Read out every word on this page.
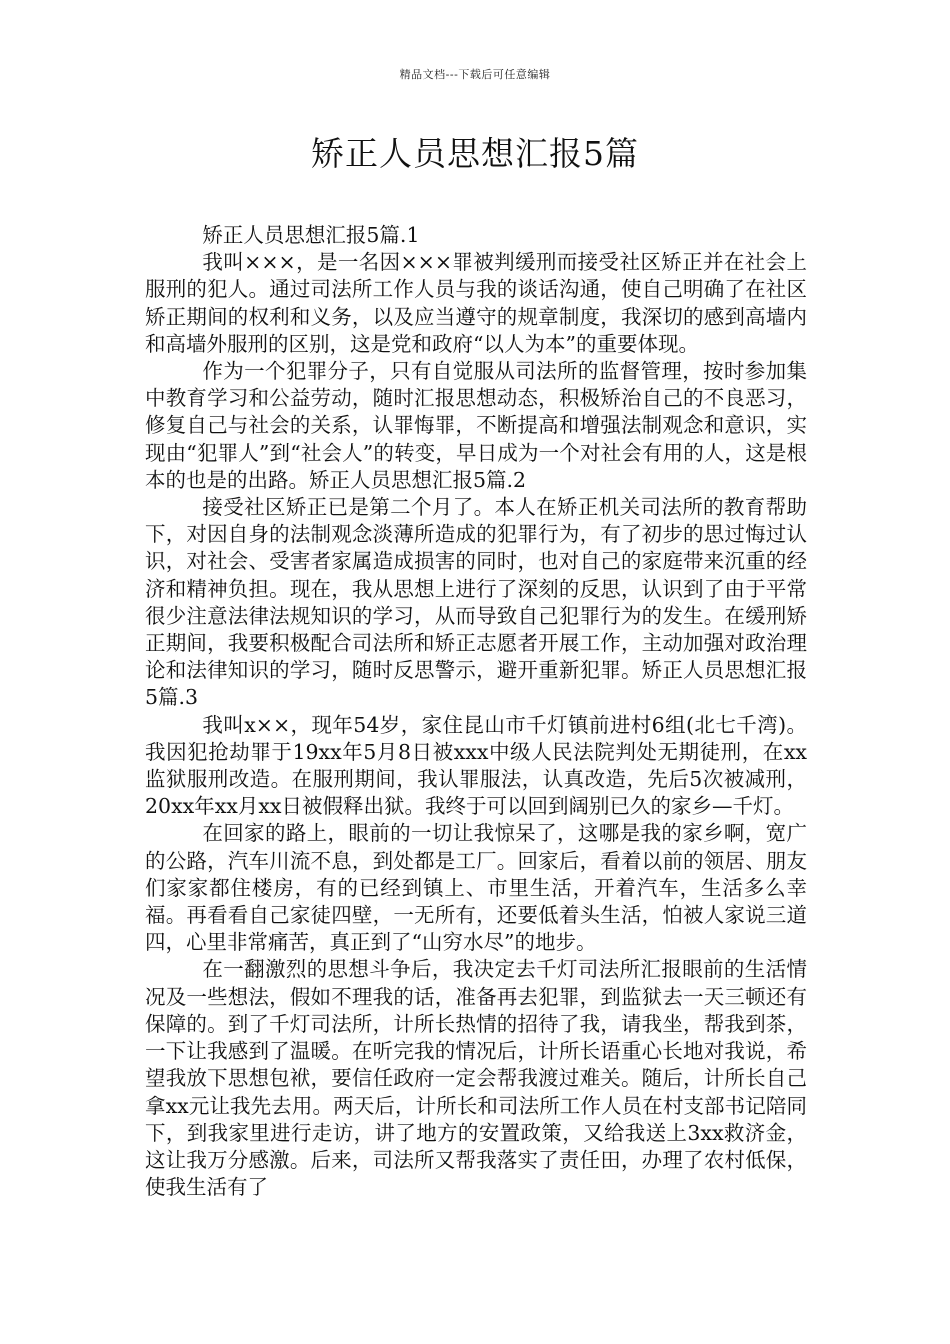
精品文档---下载后可任意编辑
矫正人员思想汇报5篇

矫正人员思想汇报5篇.1

我叫×××，是一名因×××罪被判缓刑而接受社区矫正并在社会上服刑的犯人。通过司法所工作人员与我的谈话沟通，使自己明确了在社区矫正期间的权利和义务，以及应当遵守的规章制度，我深切的感到高墙内和高墙外服刑的区别，这是党和政府“以人为本”的重要体现。

作为一个犯罪分子，只有自觉服从司法所的监督管理，按时参加集中教育学习和公益劳动，随时汇报思想动态，积极矫治自己的不良恶习，修复自己与社会的关系，认罪悔罪，不断提高和增强法制观念和意识，实现由“犯罪人”到“社会人”的转变，早日成为一个对社会有用的人，这是根本的也是的出路。矫正人员思想汇报5篇.2

接受社区矫正已是第二个月了。本人在矫正机关司法所的教育帮助下，对因自身的法制观念淡薄所造成的犯罪行为，有了初步的思过悔过认识，对社会、受害者家属造成损害的同时，也对自己的家庭带来沉重的经济和精神负担。现在，我从思想上进行了深刻的反思，认识到了由于平常很少注意法律法规知识的学习，从而导致自己犯罪行为的发生。在缓刑矫正期间，我要积极配合司法所和矫正志愿者开展工作，主动加强对政治理论和法律知识的学习，随时反思警示，避开重新犯罪。矫正人员思想汇报5篇.3

我叫x××，现年54岁，家住昆山市千灯镇前进村6组(北七千湾)。我因犯抢劫罪于19xx年5月8日被xxx中级人民法院判处无期徒刑，在xx监狱服刑改造。在服刑期间，我认罪服法，认真改造，先后5次被减刑，20xx年xx月xx日被假释出狱。我终于可以回到阔别已久的家乡—千灯。

在回家的路上，眼前的一切让我惊呆了，这哪是我的家乡啊，宽广的公路，汽车川流不息，到处都是工厂。回家后，看着以前的领居、朋友们家家都住楼房，有的已经到镇上、市里生活，开着汽车，生活多么幸福。再看看自己家徒四壁，一无所有，还要低着头生活，怕被人家说三道四，心里非常痛苦，真正到了“山穷水尽”的地步。

在一翻激烈的思想斗争后，我决定去千灯司法所汇报眼前的生活情况及一些想法，假如不理我的话，准备再去犯罪，到监狱去一天三顿还有保障的。到了千灯司法所，计所长热情的招待了我，请我坐，帮我到茶，一下让我感到了温暖。在听完我的情况后，计所长语重心长地对我说，希望我放下思想包袱，要信任政府一定会帮我渡过难关。随后，计所长自己拿xx元让我先去用。两天后，计所长和司法所工作人员在村支部书记陪同下，到我家里进行走访，讲了地方的安置政策，又给我送上3xx救济金，这让我万分感激。后来，司法所又帮我落实了责任田，办理了农村低保，使我生活有了
